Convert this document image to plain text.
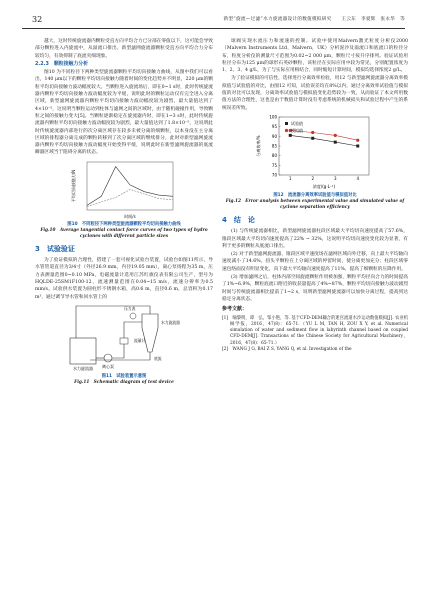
32	新型“旋流—过滤”水力旋流器设计的数值模拟研究　　王云东　李爱辉　张永华　等

越大，这时传统旋流器内颗粒受直方向平均合力已分部在零值以下，这可能会导致部分颗粒进入内旋流中，从溢流口排出，新型滤网旋流器颗粒受直方向平均合力分布较均匀，有效抑制了底流夹细现象。

2.2.3　颗粒接触力分析

图10 为不同粒径下两种类型旋流器颗粒平均切向接触力曲线，从图中我们可以看出，140 μm以下的颗粒平均切向接触力随着时间的变化趋势并不明显，220 μm的颗粒平均切向接触力波动幅度较大。当颗粒进入旋流场后，即在0~1 s时，此时传统旋流器内颗粒平均切向接触力波动幅度较为平缓，说明此时的颗粒运动仅有完全进入分离区域，新型滤网旋流器内颗粒平均切向接触力波动幅度较为剧烈，最大量值达到了4×10⁻⁵，这说明当颗粒运动到柱体与滤网之间的区域时，由于随机碰撞作用，导致颗粒之间的接触力变大[5]。当颗粒逐渐稳定在旋流器内时，即在1~3 s时，此时传统旋流器内颗粒平均切向接触力波动幅度较为剧烈，最大量值达到了1.8×10⁻⁵，这说明此时传统旋流器内部进行的次分离区域存在较多未被分离的细颗粒，以本身没在主分离区域的排程器分离完成的颗粒转移到了次分离区域的继续排分，此时对新型滤网旋流器内颗粒平均切向接触力波动幅度开始变得平缓，说明此时在新型滤网旋流器的底流瞬器区域当于阻碍分离的状态。

时间/s
平均切向接触力/N
图10　不同粒径下两种类型旋流器颗粒平均切向接触力曲线
Fig.10　Average tangential contact force curves of two types of hydro cyclones with different particle sizes
3　试验验证

为了验证模拟的合理性，搭建了一套可视化试验台装置，试验台如图11所示，导水管管道直径为3/4寸（外径26.9 mm，内径19.05 mm），离心泵扬程为35 m，压力表测量范围0~0.10 MPa，电磁流量计选用江苏红旗仪表有限公司生产，型号为HQLDE-25SM1F100-12，流速测量范围在0.04~15 m/s，流速分辨率为0.5 mm/s。试验供水装置为圆柱形不锈钢水箱，高0.6 m，直径0.6 m，总容积为0.17 m³，通过调节导水管和回水管上的

水力旋流器 离心泵
流量计
压力表
水力旋流器
底流
图11　试验装置示意图
Fig.11　Schematic diagram of test device

球阀实现水流压力和流速的控制。试验中使用Malvern激光粒度分析仪2000（Malvern Instruments Ltd，Malvern，UK）分析泥沙及溢流口和底流口的粒径分布，粒度分析仪的测量尺寸范围为0.02~2 000 μm，颗粒尺寸按升序排列。验证试验用粒径分布为125 μm的球形石英砂颗粒，该粒径在实际应用中较为常见，分别配置浓度为1、2、3、4 g/L，为了与实际应用相结合，同时缩短计算时间，模拟均选择浓度2 g/L。

为了验证模拟的可信性，选择进行分离效率检验，用12 与新型滤网旋流器分离效率模拟值与试验值的对比，由图12 可知，试验误差均在8%以内，通过分离效率试验值与模拟值的对比可以发现，分离效率试验值与模拟值变化趋势较为一致，从而验证了本文所用数值方法的合理性，这也是由于数值计算时没有考虑系统的机械损失和试验过程中产生的系统误差所致。

70
75
80
85
90
95
100
1	2	3	4
试验值
模拟值
浓度/(g·L⁻¹)
分离效率/%
图12　流流器分离效率试验值与模拟值对比
Fig.12　Error analysis between experimental value and simulated value of cyclone separation efficiency
4　结　论

(1) 与传统旋流器相比，新型滤网旋流器柱段区域最大平均切向速度提高了57.6%，锥段区域最大平均切向速度提高了22% ~ 32%，这说明平均切向速度变化较为显著，有利于更多的颗粒从底流口排出。

(2) 对于新型滤网旋流器，锥段区域平速度场在滤网区域向外迁移，向上最大平均轴向速度减小了14.6%，扭头平颗粒在上分离区域的停留时间，使分离更加充分；柱段区域零速包络面没有明显变化，向下最大平均轴向速度提高了11%，提高了细颗粒的压降作用。

(3) 增加滤网之后，柱体内部空间旋流颗粒作用被加强，颗粒平均径向合力的时间提高了1%~6.9%，颗粒底流口附近的收获量提高了4%~87%，颗粒平均切向接触力波动剧烈时间与传统旋流器相比提前了1~2 s，说明新型滤网旋流器可以加快分离过程，提高到达稳定分离状态。

参考文献：

[1]　喻黎明，谭　弘，邹小艳，等. 基于CFD-DEM耦合的迷宫流道水沙运动数值模拟[J]. 农业机械学报，2016，47(8)：65-71.（YU L M, TAN H, ZOU X Y, et al. Numerical simulation of water and sediment flow in labyrinth channel based on coupled CFD-DEM[J]. Transactions of the Chinese Society for Agricultural Machinery，2016，47(8)：65-71.）

[2]　WANG J G, BAI Z S, YANG Q, et al. Investigation of the
